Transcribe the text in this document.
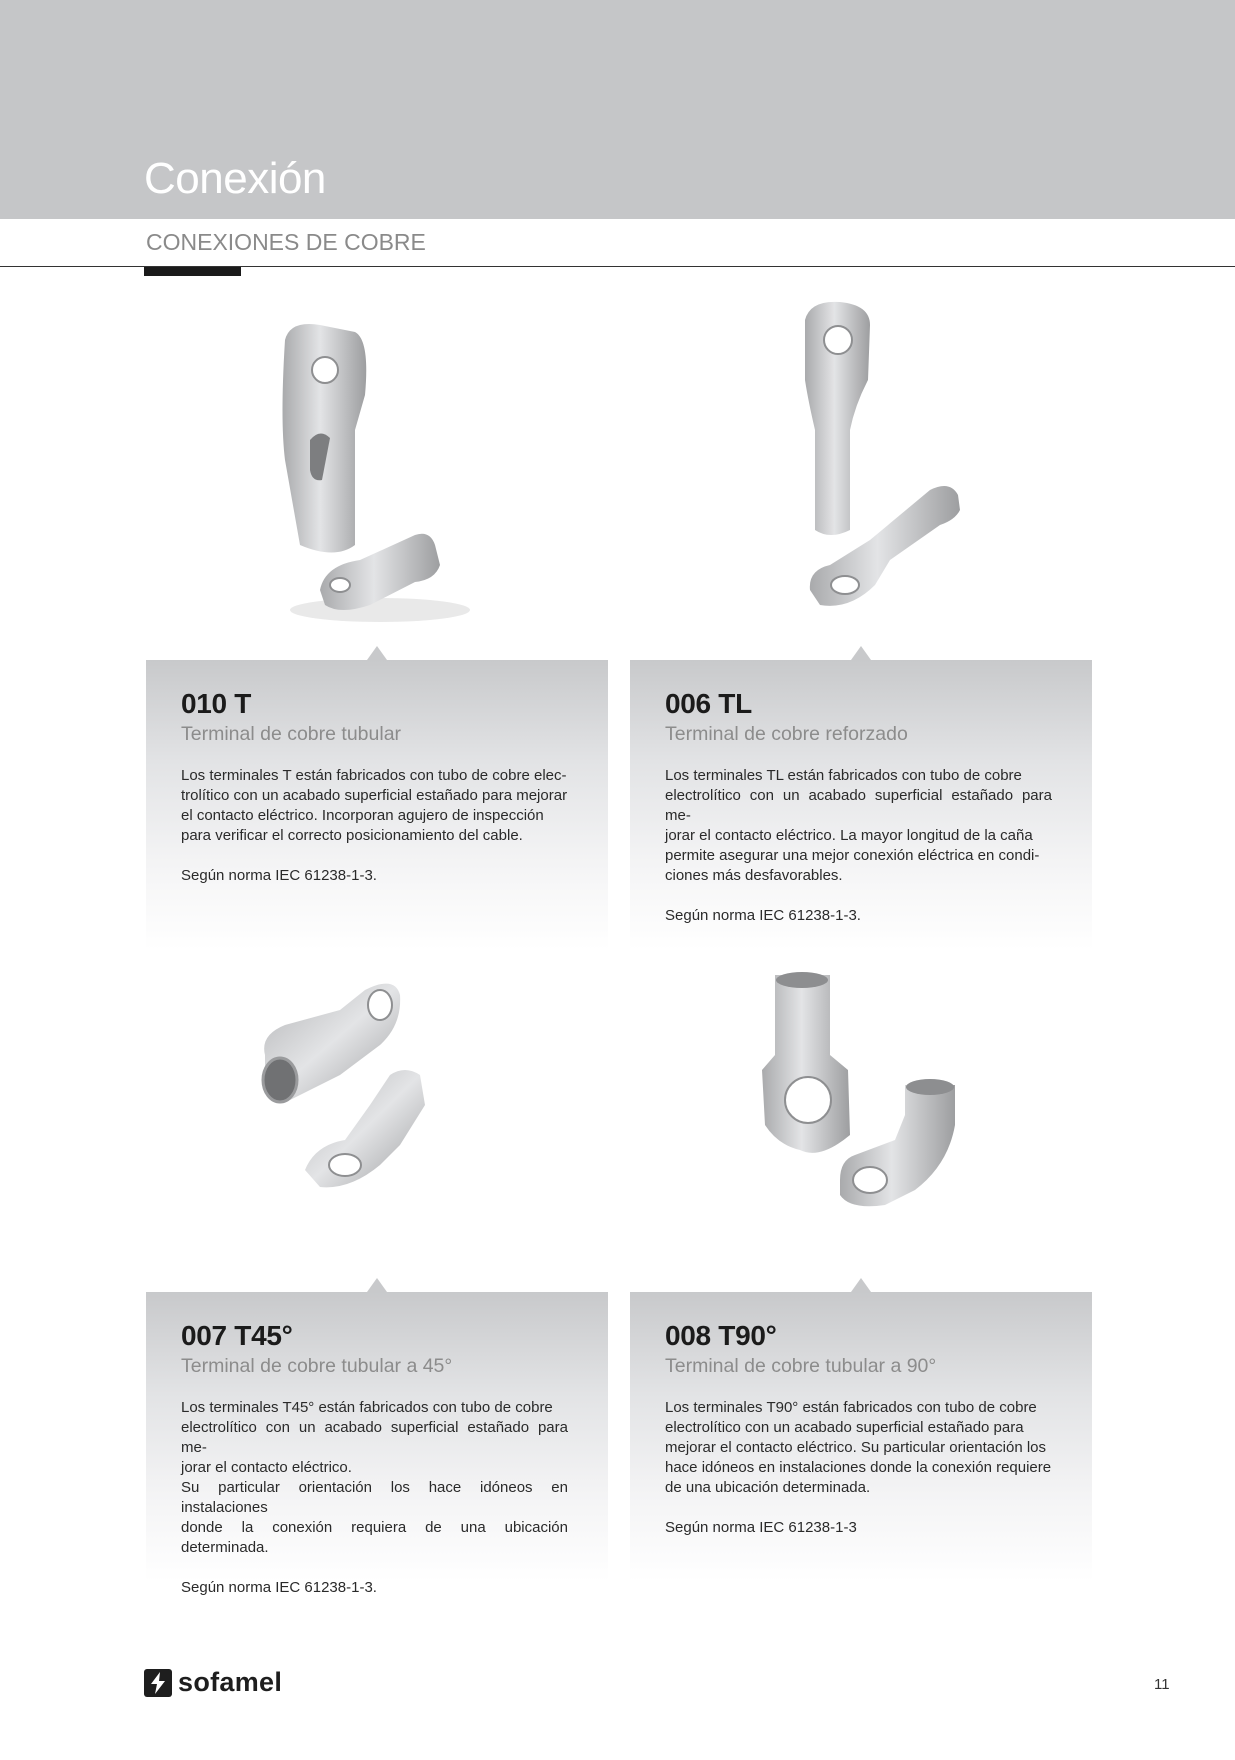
Conexión
CONEXIONES DE COBRE
010 T
Terminal de cobre tubular
Los terminales T están fabricados con tubo de cobre elec-
trolítico con un acabado superficial estañado para mejorar
el contacto eléctrico. Incorporan agujero de inspección
para verificar el correcto posicionamiento del cable.
Según norma IEC 61238-1-3.
006 TL
Terminal de cobre reforzado
Los terminales TL están fabricados con tubo de cobre
electrolítico con un acabado superficial estañado para me-
jorar el contacto eléctrico. La mayor longitud de la caña
permite asegurar una mejor conexión eléctrica en condi-
ciones más desfavorables.
Según norma IEC 61238-1-3.
007 T45°
Terminal de cobre tubular a 45°
Los terminales T45° están fabricados con tubo de cobre
electrolítico con un acabado superficial estañado para me-
jorar el contacto eléctrico.
Su particular orientación los hace idóneos en instalaciones
donde la conexión requiera de una ubicación determinada.
Según norma IEC 61238-1-3.
008 T90°
Terminal de cobre tubular a 90°
Los terminales T90° están fabricados con tubo de cobre
electrolítico con un acabado superficial estañado para
mejorar el contacto eléctrico. Su particular orientación los
hace idóneos en instalaciones donde la conexión requiere
de una ubicación determinada.
Según norma IEC 61238-1-3
sofamel	11
